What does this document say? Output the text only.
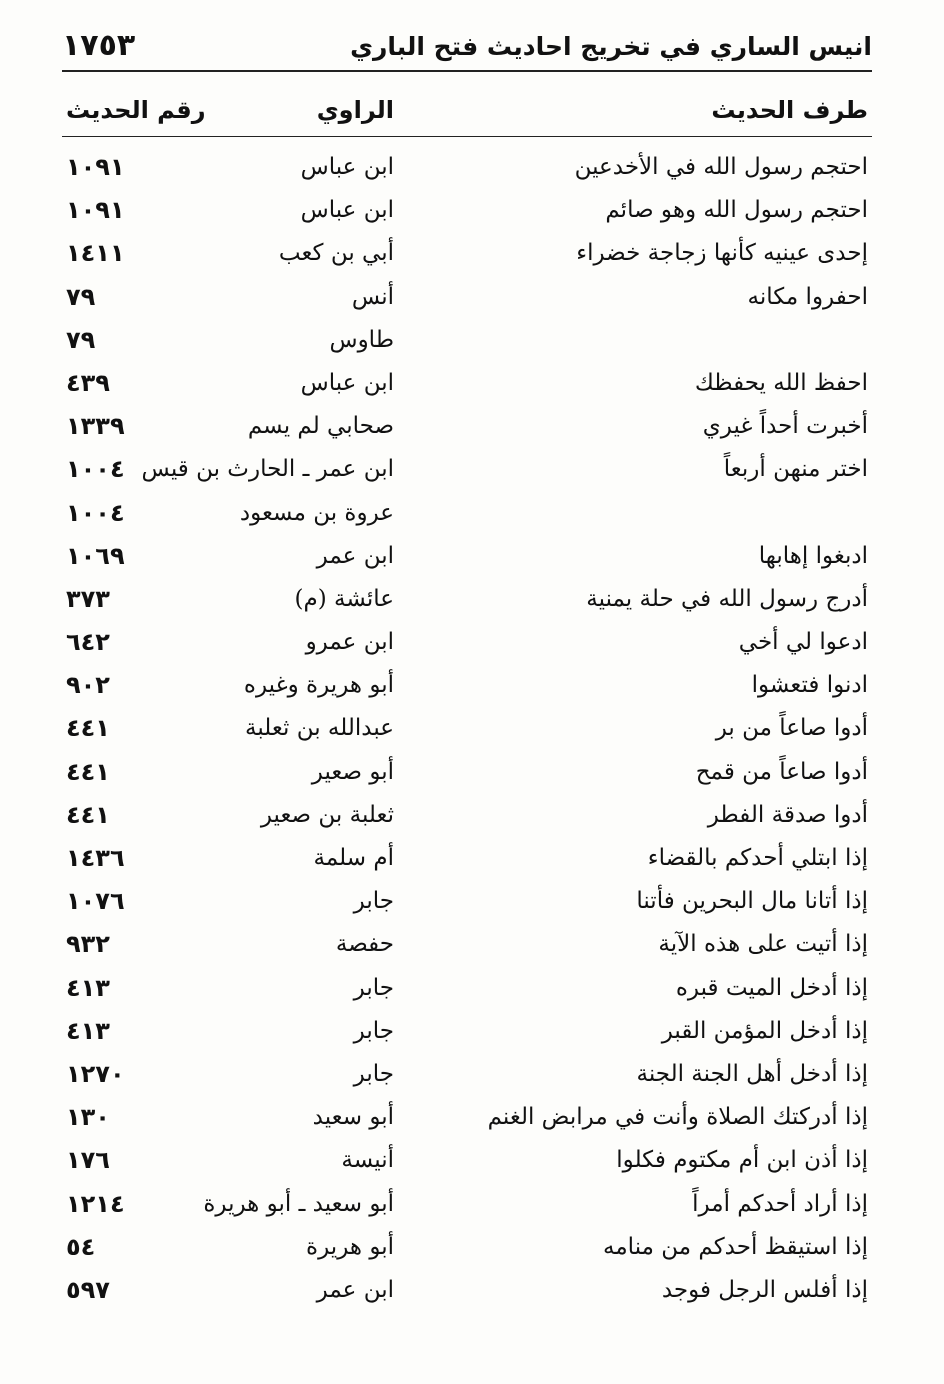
انيس الساري في تخريج احاديث فتح الباري
١٧٥٣
طرف الحديث
الراوي
رقم الحديث
احتجم رسول الله في الأخدعين
ابن عباس
١٠٩١
احتجم رسول الله وهو صائم
ابن عباس
١٠٩١
إحدى عينيه كأنها زجاجة خضراء
أبي بن كعب
١٤١١
احفروا مكانه
أنس
٧٩
طاوس
٧٩
احفظ الله يحفظك
ابن عباس
٤٣٩
أخبرت أحداً غيري
صحابي لم يسم
١٣٣٩
اختر منهن أربعاً
ابن عمر ـ الحارث بن قيس
١٠٠٤
عروة بن مسعود
١٠٠٤
ادبغوا إهابها
ابن عمر
١٠٦٩
أدرج رسول الله في حلة يمنية
عائشة (م)
٣٧٣
ادعوا لي أخي
ابن عمرو
٦٤٢
ادنوا فتعشوا
أبو هريرة وغيره
٩٠٢
أدوا صاعاً من بر
عبدالله بن ثعلبة
٤٤١
أدوا صاعاً من قمح
أبو صعير
٤٤١
أدوا صدقة الفطر
ثعلبة بن صعير
٤٤١
إذا ابتلي أحدكم بالقضاء
أم سلمة
١٤٣٦
إذا أتانا مال البحرين فأتنا
جابر
١٠٧٦
إذا أتيت على هذه الآية
حفصة
٩٣٢
إذا أدخل الميت قبره
جابر
٤١٣
إذا أدخل المؤمن القبر
جابر
٤١٣
إذا أدخل أهل الجنة الجنة
جابر
١٢٧٠
إذا أدركتك الصلاة وأنت في مرابض الغنم
أبو سعيد
١٣٠
إذا أذن ابن أم مكتوم فكلوا
أنيسة
١٧٦
إذا أراد أحدكم أمراً
أبو سعيد ـ أبو هريرة
١٢١٤
إذا استيقظ أحدكم من منامه
أبو هريرة
٥٤
إذا أفلس الرجل فوجد
ابن عمر
٥٩٧
